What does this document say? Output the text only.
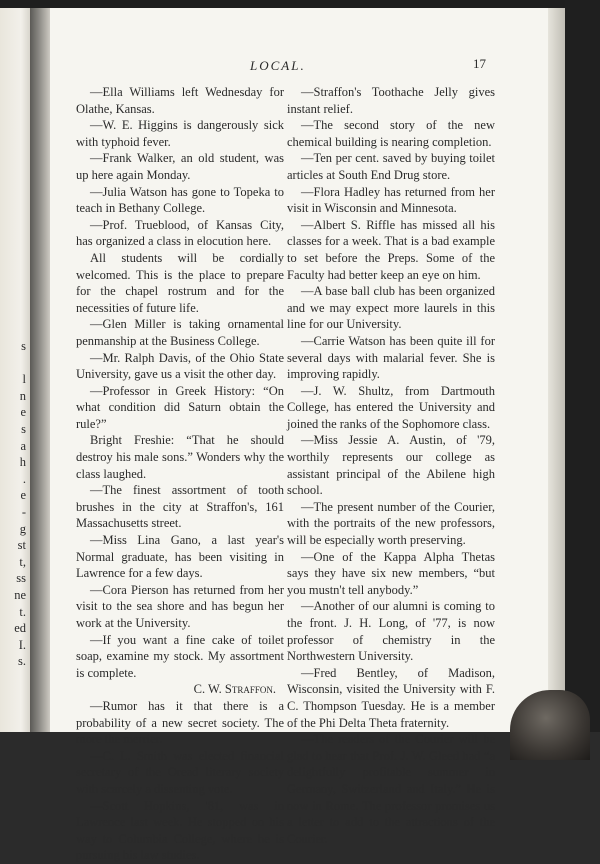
s
l
n
e
s
a
h
.
e
-
g
st
t,
ss
ne
t.
ed
I.
s.
LOCAL.	17

—Ella Williams left Wednesday for Olathe, Kansas.

—W. E. Higgins is dangerously sick with typhoid fever.

—Frank Walker, an old student, was up here again Monday.

—Julia Watson has gone to Topeka to teach in Bethany College.

—Prof. Trueblood, of Kansas City, has organized a class in elocution here.

All students will be cordially welcomed. This is the place to prepare for the chapel rostrum and for the necessities of future life.

—Glen Miller is taking ornamental penmanship at the Business College.

—Mr. Ralph Davis, of the Ohio State University, gave us a visit the other day.

—Professor in Greek History: “On what condition did Saturn obtain the rule?”

Bright Freshie: “That he should destroy his male sons.” Wonders why the class laughed.

—The finest assortment of tooth brushes in the city at Straffon's, 161 Massachusetts street.

—Miss Lina Gano, a last year's Normal graduate, has been visiting in Lawrence for a few days.

—Cora Pierson has returned from her visit to the sea shore and has begun her work at the University.

—If you want a fine cake of toilet soap, examine my stock. My assortment is complete.

C. W. Straffon.

—Rumor has it that there is a probability of a new secret society. The more the merrier.

—C. L. Smith was elected financial secretary of the Oread literary society with scarcely a dissenting vote.

—Scott Hopkins, '81, was in Lawrence last week. He stopped on his way to Columbia College, where he is pursuing his law studies.

—Straffon's Toothache Jelly gives instant relief.

—The second story of the new chemical building is nearing completion.

—Ten per cent. saved by buying toilet articles at South End Drug store.

—Flora Hadley has returned from her visit in Wisconsin and Minnesota.

—Albert S. Riffle has missed all his classes for a week. That is a bad example to set before the Preps. Some of the Faculty had better keep an eye on him.

—A base ball club has been organized and we may expect more laurels in this line for our University.

—Carrie Watson has been quite ill for several days with malarial fever. She is improving rapidly.

—J. W. Shultz, from Dartmouth College, has entered the University and joined the ranks of the Sophomore class.

—Miss Jessie A. Austin, of '79, worthily represents our college as assistant principal of the Abilene high school.

—The present number of the Courier, with the portraits of the new professors, will be especially worth preserving.

—One of the Kappa Alpha Thetas says they have six new members, “but you mustn't tell anybody.”

—Another of our alumni is coming to the front. J. H. Long, of '77, is now professor of chemistry in the Northwestern University.

—Fred Bentley, of Madison, Wisconsin, visited the University with F. C. Thompson Tuesday. He is a member of the Phi Delta Theta fraternity.

—The readers of the Courier will be glad to hear that Prof. J. W. Gleed had “a delightfully profitable summer in Germany, Switzerland and Italy.” He is now in Rome. The professor promises us a letter to add to the attractions of the Courier.
